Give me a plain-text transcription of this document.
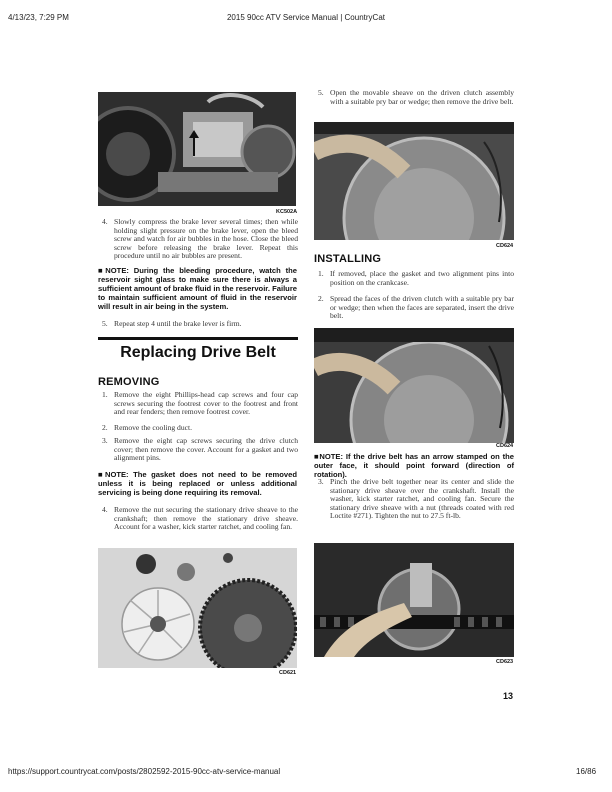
4/13/23, 7:29 PM	2015 90cc ATV Service Manual | CountryCat
KC502A
4. Slowly compress the brake lever several times; then while holding slight pressure on the brake lever, open the bleed screw and watch for air bubbles in the hose. Close the bleed screw before releasing the brake lever. Repeat this procedure until no air bubbles are present.
■NOTE: During the bleeding procedure, watch the reservoir sight glass to make sure there is always a sufficient amount of brake fluid in the reservoir. Failure to maintain sufficient amount of fluid in the reservoir will result in air being in the system.
5. Repeat step 4 until the brake lever is firm.
Replacing Drive Belt
REMOVING
1. Remove the eight Phillips-head cap screws and four cap screws securing the footrest cover to the footrest and front and rear fenders; then remove footrest cover.
2. Remove the cooling duct.
3. Remove the eight cap screws securing the drive clutch cover; then remove the cover. Account for a gasket and two alignment pins.
■NOTE: The gasket does not need to be removed unless it is being replaced or unless additional servicing is being done requiring its removal.
4. Remove the nut securing the stationary drive sheave to the crankshaft; then remove the stationary drive sheave. Account for a washer, kick starter ratchet, and cooling fan.
CD621
5. Open the movable sheave on the driven clutch assembly with a suitable pry bar or wedge; then remove the drive belt.
CD624
INSTALLING
1. If removed, place the gasket and two alignment pins into position on the crankcase.
2. Spread the faces of the driven clutch with a suitable pry bar or wedge; then when the faces are separated, insert the drive belt.
CD624
■NOTE: If the drive belt has an arrow stamped on the outer face, it should point forward (direction of rotation).
3. Pinch the drive belt together near its center and slide the stationary drive sheave over the crankshaft. Install the washer, kick starter ratchet, and cooling fan. Secure the stationary drive sheave with a nut (threads coated with red Loctite #271). Tighten the nut to 27.5 ft-lb.
CD623
13
https://support.countrycat.com/posts/2802592-2015-90cc-atv-service-manual	16/86
